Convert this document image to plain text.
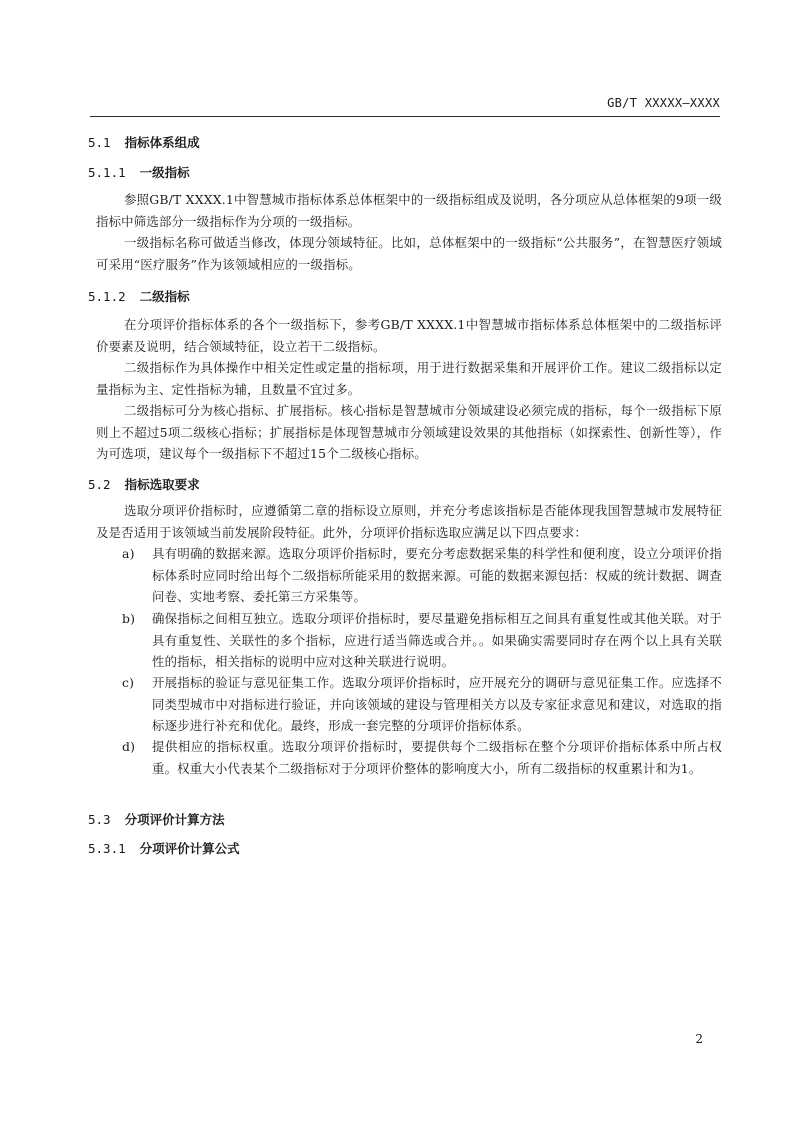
GB/T XXXXX—XXXX
5.1 指标体系组成
5.1.1 一级指标
参照GB/T XXXX.1中智慧城市指标体系总体框架中的一级指标组成及说明，各分项应从总体框架的9项一级指标中筛选部分一级指标作为分项的一级指标。
一级指标名称可做适当修改，体现分领域特征。比如，总体框架中的一级指标“公共服务”，在智慧医疗领域可采用“医疗服务”作为该领域相应的一级指标。
5.1.2 二级指标
在分项评价指标体系的各个一级指标下，参考GB/T XXXX.1中智慧城市指标体系总体框架中的二级指标评价要素及说明，结合领域特征，设立若干二级指标。
二级指标作为具体操作中相关定性或定量的指标项，用于进行数据采集和开展评价工作。建议二级指标以定量指标为主、定性指标为辅，且数量不宜过多。
二级指标可分为核心指标、扩展指标。核心指标是智慧城市分领域建设必须完成的指标，每个一级指标下原则上不超过5项二级核心指标；扩展指标是体现智慧城市分领域建设效果的其他指标（如探索性、创新性等），作为可选项，建议每个一级指标下不超过15个二级核心指标。
5.2 指标选取要求
选取分项评价指标时，应遵循第二章的指标设立原则，并充分考虑该指标是否能体现我国智慧城市发展特征及是否适用于该领域当前发展阶段特征。此外，分项评价指标选取应满足以下四点要求：
a) 具有明确的数据来源。选取分项评价指标时，要充分考虑数据采集的科学性和便利度，设立分项评价指标体系时应同时给出每个二级指标所能采用的数据来源。可能的数据来源包括：权威的统计数据、调查问卷、实地考察、委托第三方采集等。
b) 确保指标之间相互独立。选取分项评价指标时，要尽量避免指标相互之间具有重复性或其他关联。对于具有重复性、关联性的多个指标，应进行适当筛选或合并。。如果确实需要同时存在两个以上具有关联性的指标，相关指标的说明中应对这种关联进行说明。
c) 开展指标的验证与意见征集工作。选取分项评价指标时，应开展充分的调研与意见征集工作。应选择不同类型城市中对指标进行验证，并向该领域的建设与管理相关方以及专家征求意见和建议，对选取的指标逐步进行补充和优化。最终，形成一套完整的分项评价指标体系。
d) 提供相应的指标权重。选取分项评价指标时，要提供每个二级指标在整个分项评价指标体系中所占权重。权重大小代表某个二级指标对于分项评价整体的影响度大小，所有二级指标的权重累计和为1。
5.3 分项评价计算方法
5.3.1 分项评价计算公式
2
